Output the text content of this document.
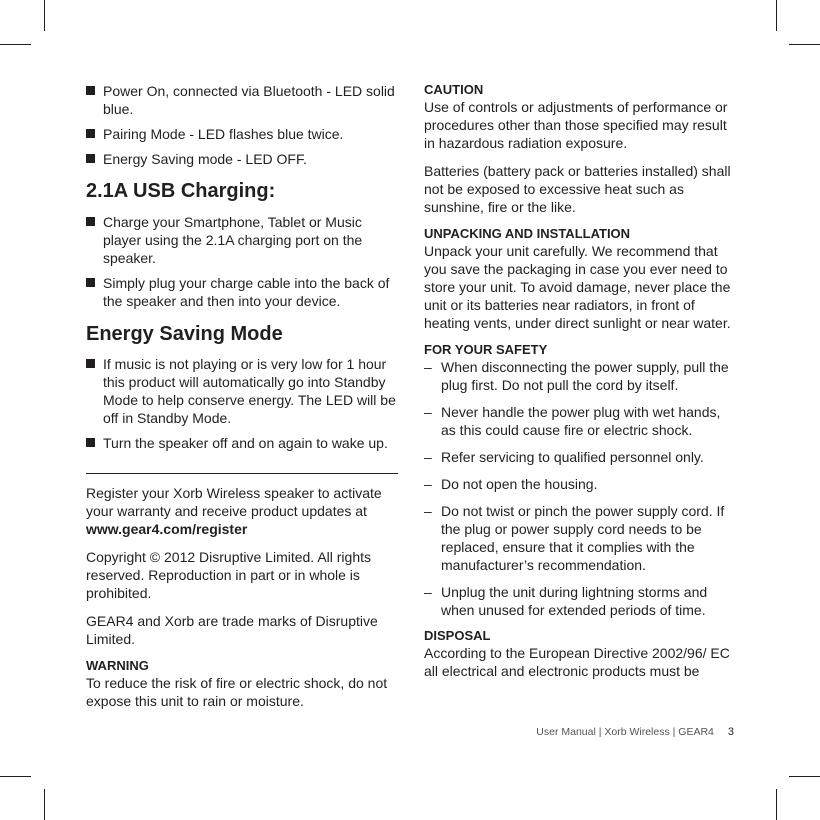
Power On, connected via Bluetooth - LED solid blue.
Pairing Mode - LED flashes blue twice.
Energy Saving mode - LED OFF.
2.1A USB Charging:
Charge your Smartphone, Tablet or Music player using the 2.1A charging port on the speaker.
Simply plug your charge cable into the back of the speaker and then into your device.
Energy Saving Mode
If music is not playing or is very low for 1 hour this product will automatically go into Standby Mode to help conserve energy. The LED will be off in Standby Mode.
Turn the speaker off and on again to wake up.

Register your Xorb Wireless speaker to activate your warranty and receive product updates at
www.gear4.com/register

Copyright © 2012 Disruptive Limited. All rights reserved. Reproduction in part or in whole is prohibited.

GEAR4 and Xorb are trade marks of Disruptive Limited.

WARNING

To reduce the risk of fire or electric shock, do not expose this unit to rain or moisture.

CAUTION

Use of controls or adjustments of performance or procedures other than those specified may result in hazardous radiation exposure.

Batteries (battery pack or batteries installed) shall not be exposed to excessive heat such as sunshine, fire or the like.

UNPACKING AND INSTALLATION

Unpack your unit carefully. We recommend that you save the packaging in case you ever need to store your unit. To avoid damage, never place the unit or its batteries near radiators, in front of heating vents, under direct sunlight or near water.

FOR YOUR SAFETY
– When disconnecting the power supply, pull the plug first. Do not pull the cord by itself.
– Never handle the power plug with wet hands, as this could cause fire or electric shock.
– Refer servicing to qualified personnel only.
– Do not open the housing.
– Do not twist or pinch the power supply cord. If the plug or power supply cord needs to be replaced, ensure that it complies with the manufacturer’s recommendation.
– Unplug the unit during lightning storms and when unused for extended periods of time.
DISPOSAL

According to the European Directive 2002/96/ EC all electrical and electronic products must be

User Manual | Xorb Wireless | GEAR4 3
